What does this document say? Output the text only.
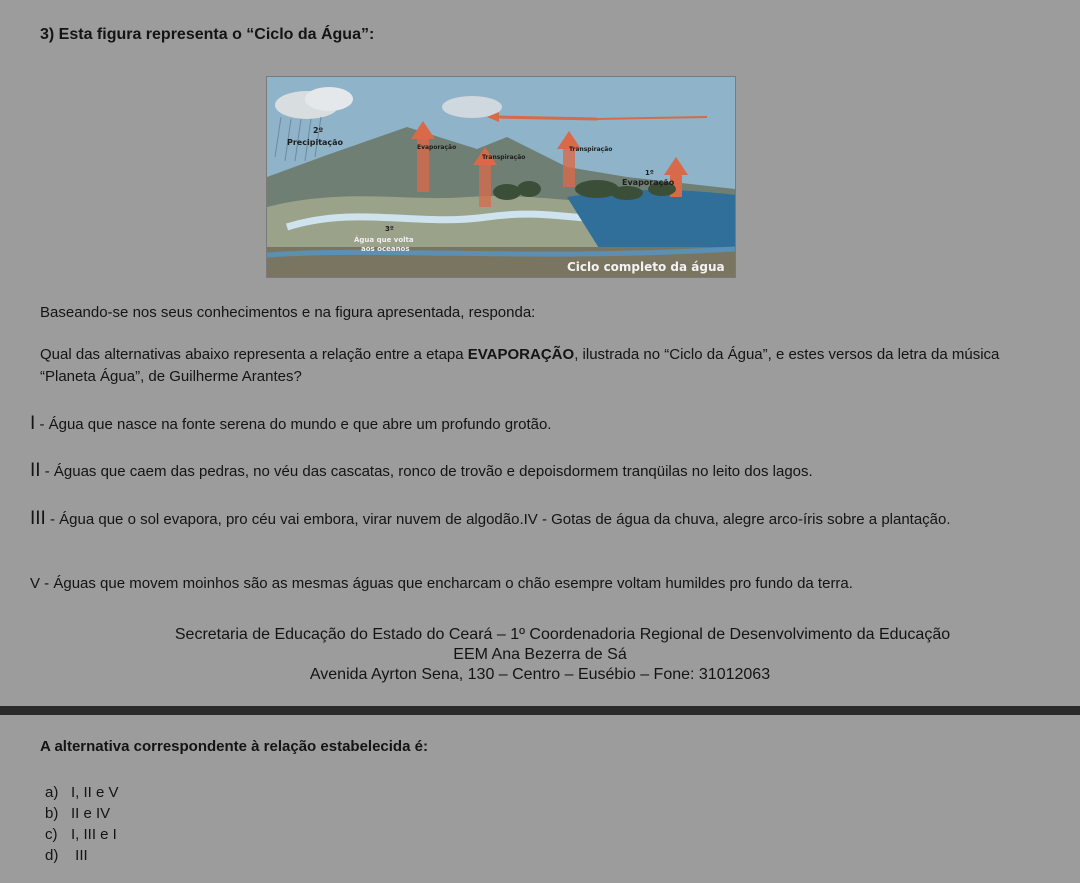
3) Esta figura representa o “Ciclo da Água”:
2º
Precipitação
Evaporação
Transpiração
Transpiração
1º
Evaporação
3º
Água que volta
aos oceanos
Ciclo completo da água
Baseando-se nos seus conhecimentos e na figura apresentada, responda:
Qual das alternativas abaixo representa a relação entre a etapa EVAPORAÇÃO, ilustrada no “Ciclo da Água”, e estes versos da letra da música “Planeta Água”, de Guilherme Arantes?
I - Água que nasce na fonte serena do mundo e que abre um profundo grotão.
II - Águas que caem das pedras, no véu das cascatas, ronco de trovão e depoisdormem tranqüilas no leito dos lagos.
III - Água que o sol evapora, pro céu vai embora, virar nuvem de algodão.IV - Gotas de água da chuva, alegre arco-íris sobre a plantação.
V - Águas que movem moinhos são as mesmas águas que encharcam o chão esempre voltam humildes pro fundo da terra.
Secretaria de Educação do Estado do Ceará – 1º Coordenadoria Regional de Desenvolvimento da Educação
EEM Ana Bezerra de Sá
Avenida Ayrton Sena, 130 – Centro – Eusébio – Fone: 31012063
A alternativa correspondente à relação estabelecida é:
a) I, II e V
b) II e IV
c) I, III e I
d) III
